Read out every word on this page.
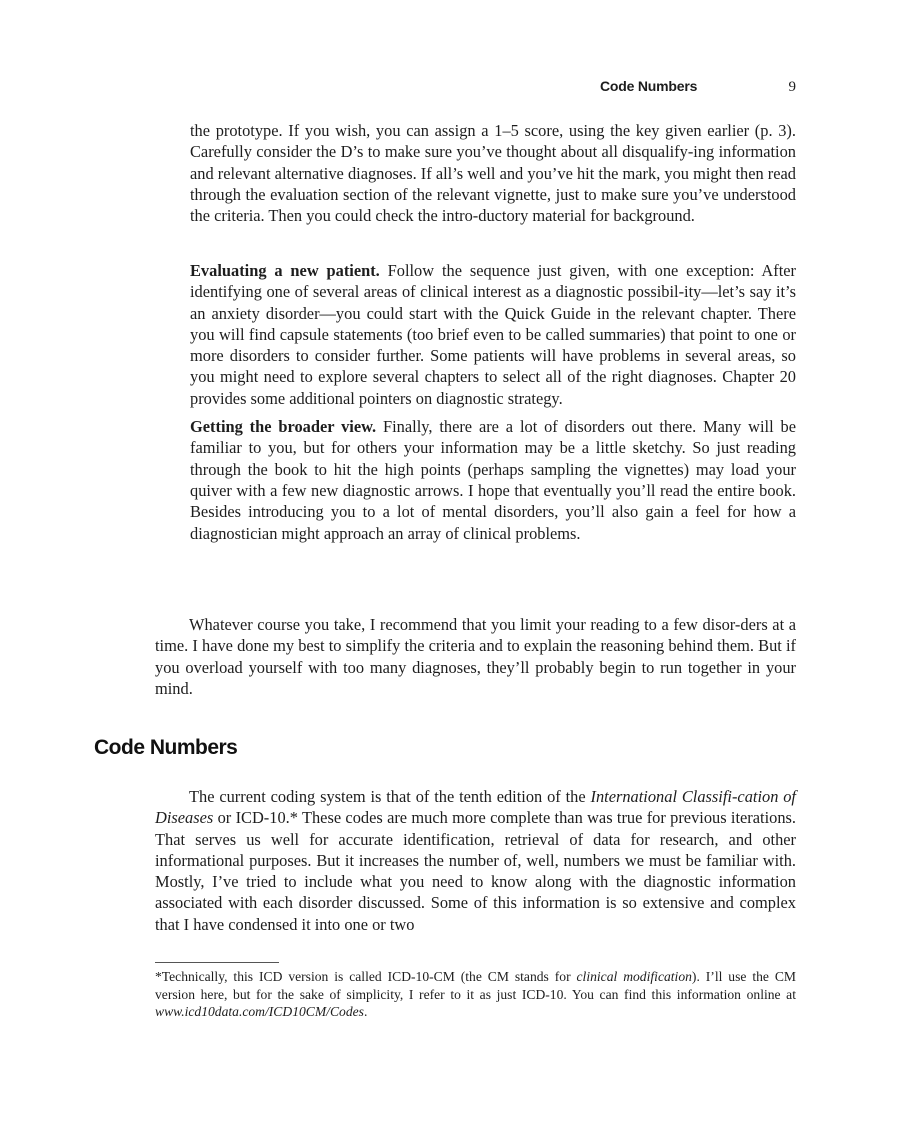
Code Numbers	9

the prototype. If you wish, you can assign a 1–5 score, using the key given earlier (p. 3). Carefully consider the D’s to make sure you’ve thought about all disqualify-ing information and relevant alternative diagnoses. If all’s well and you’ve hit the mark, you might then read through the evaluation section of the relevant vignette, just to make sure you’ve understood the criteria. Then you could check the intro-ductory material for background.

Evaluating a new patient. Follow the sequence just given, with one exception: After identifying one of several areas of clinical interest as a diagnostic possibil-ity—let’s say it’s an anxiety disorder—you could start with the Quick Guide in the relevant chapter. There you will find capsule statements (too brief even to be called summaries) that point to one or more disorders to consider further. Some patients will have problems in several areas, so you might need to explore several chapters to select all of the right diagnoses. Chapter 20 provides some additional pointers on diagnostic strategy.

Getting the broader view. Finally, there are a lot of disorders out there. Many will be familiar to you, but for others your information may be a little sketchy. So just reading through the book to hit the high points (perhaps sampling the vignettes) may load your quiver with a few new diagnostic arrows. I hope that eventually you’ll read the entire book. Besides introducing you to a lot of mental disorders, you’ll also gain a feel for how a diagnostician might approach an array of clinical problems.

Whatever course you take, I recommend that you limit your reading to a few disor-ders at a time. I have done my best to simplify the criteria and to explain the reasoning behind them. But if you overload yourself with too many diagnoses, they’ll probably begin to run together in your mind.

Code Numbers

The current coding system is that of the tenth edition of the International Classifi-cation of Diseases or ICD-10.* These codes are much more complete than was true for previous iterations. That serves us well for accurate identification, retrieval of data for research, and other informational purposes. But it increases the number of, well, numbers we must be familiar with. Mostly, I’ve tried to include what you need to know along with the diagnostic information associated with each disorder discussed. Some of this information is so extensive and complex that I have condensed it into one or two

*Technically, this ICD version is called ICD-10-CM (the CM stands for clinical modification). I’ll use the CM version here, but for the sake of simplicity, I refer to it as just ICD-10. You can find this information online at www.icd10data.com/ICD10CM/Codes.
